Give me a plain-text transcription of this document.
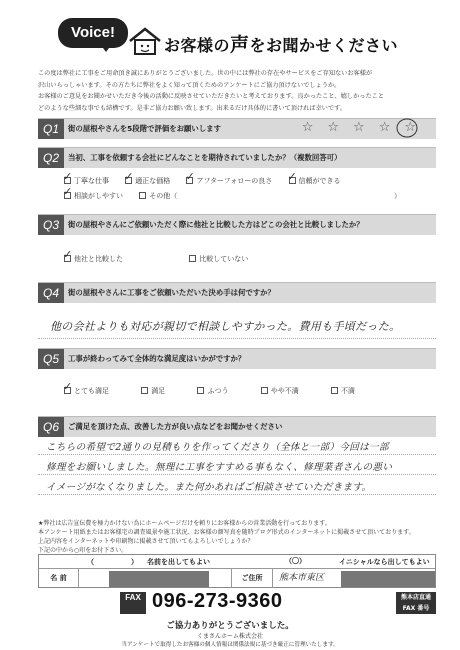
Voice!
お客様の声をお聞かせください

この度は弊社に工事をご用命頂き誠にありがとうございました。世の中には弊社の存在やサービスをご存知ないお客様が

沢山いらっしゃいます。その方たちに弊社をよく知って頂くためのアンケートにご協力頂けないでしょうか。

お客様のご意見をお聞かせいただき今後の活動に反映させていただきたいと考えております。良かったこと、嬉しかったこと

どのような些細な事でも結構です。是非ご協力お願い致します。出来るだけ具体的に書いて頂ければ幸いです。

Q1	街の屋根やさんを5段階で評価をお願いします	☆☆☆☆☆
Q2	当初、工事を依頼する会社にどんなことを期待されていましたか？（複数回答可）
✓丁寧な仕事 ✓	適正な価格 ✓	アフターフォローの良さ ✓	信頼ができる
✓相談がしやすい	その他（	）
Q3	街の屋根やさんにご依頼いただく際に他社と比較した方はどこの会社と比較しましたか？
✓他社と比較した	比較していない
Q4	街の屋根やさんに工事をご依頼いただいた決め手は何ですか？
他の会社よりも対応が親切で相談しやすかった。費用も手頃だった。
Q5	工事が終わってみて全体的な満足度はいかがですか？
✓とても満足	満足	ふつう	やや不満	不満
Q6	ご満足を頂けた点、改善した方が良い点などをお聞かせください
こちらの希望で2通りの見積もりを作ってくださり（全体と一部）今回は一部
修理をお願いしました。無理に工事をすすめる事もなく、修理業者さんの悪い
イメージがなくなりました。また何かあればご相談させていただきます。

★弊社は広告宣伝費を極力かけない為にホームページだけを頼りにお客様からの営業活動を行っております。

本アンケート用紙またはお客様宅の調査風景や施工状況、お客様の顔写真を随時ブログ形式のインターネットに掲載させて頂いております。

上記内容をインターネットや印刷物に掲載させて頂いてもよろしいでしょうか？

下記の中から○印をお付下さい。

（	） 名前を出してもよい	（〇）	イニシャルなら出してもよい
名 前	ご住所	熊本市東区
FAX 096-273-9360	熊本店直通
FAX 番号
ご協力ありがとうございました。
くまさんホーム株式会社
当アンケートで取得したお客様の個人情報は関係法規に基づき厳正に管理いたします。
